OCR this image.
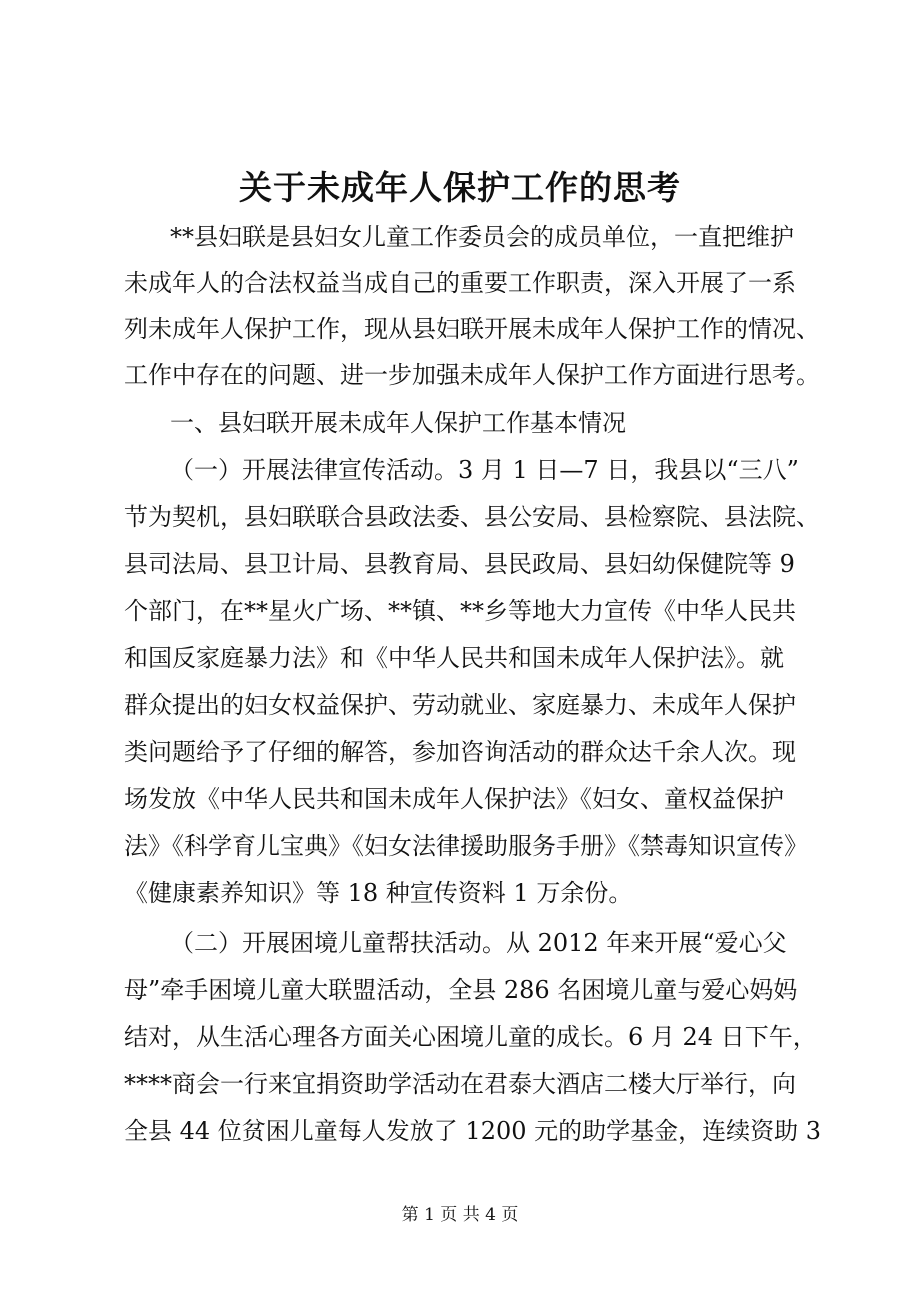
关于未成年人保护工作的思考
**县妇联是县妇女儿童工作委员会的成员单位，一直把维护
未成年人的合法权益当成自己的重要工作职责，深入开展了一系
列未成年人保护工作，现从县妇联开展未成年人保护工作的情况、
工作中存在的问题、进一步加强未成年人保护工作方面进行思考。
一、县妇联开展未成年人保护工作基本情况
（一）开展法律宣传活动。3 月 1 日—7 日，我县以“三八”
节为契机，县妇联联合县政法委、县公安局、县检察院、县法院、
县司法局、县卫计局、县教育局、县民政局、县妇幼保健院等 9
个部门，在**星火广场、**镇、**乡等地大力宣传《中华人民共
和国反家庭暴力法》和《中华人民共和国未成年人保护法》。就
群众提出的妇女权益保护、劳动就业、家庭暴力、未成年人保护
类问题给予了仔细的解答，参加咨询活动的群众达千余人次。现
场发放《中华人民共和国未成年人保护法》《妇女、童权益保护
法》《科学育儿宝典》《妇女法律援助服务手册》《禁毒知识宣传》
《健康素养知识》等 18 种宣传资料 1 万余份。
（二）开展困境儿童帮扶活动。从 2012 年来开展“爱心父
母”牵手困境儿童大联盟活动，全县 286 名困境儿童与爱心妈妈
结对，从生活心理各方面关心困境儿童的成长。6 月 24 日下午，
****商会一行来宜捐资助学活动在君泰大酒店二楼大厅举行，向
全县 44 位贫困儿童每人发放了 1200 元的助学基金，连续资助 3
第 1 页 共 4 页
